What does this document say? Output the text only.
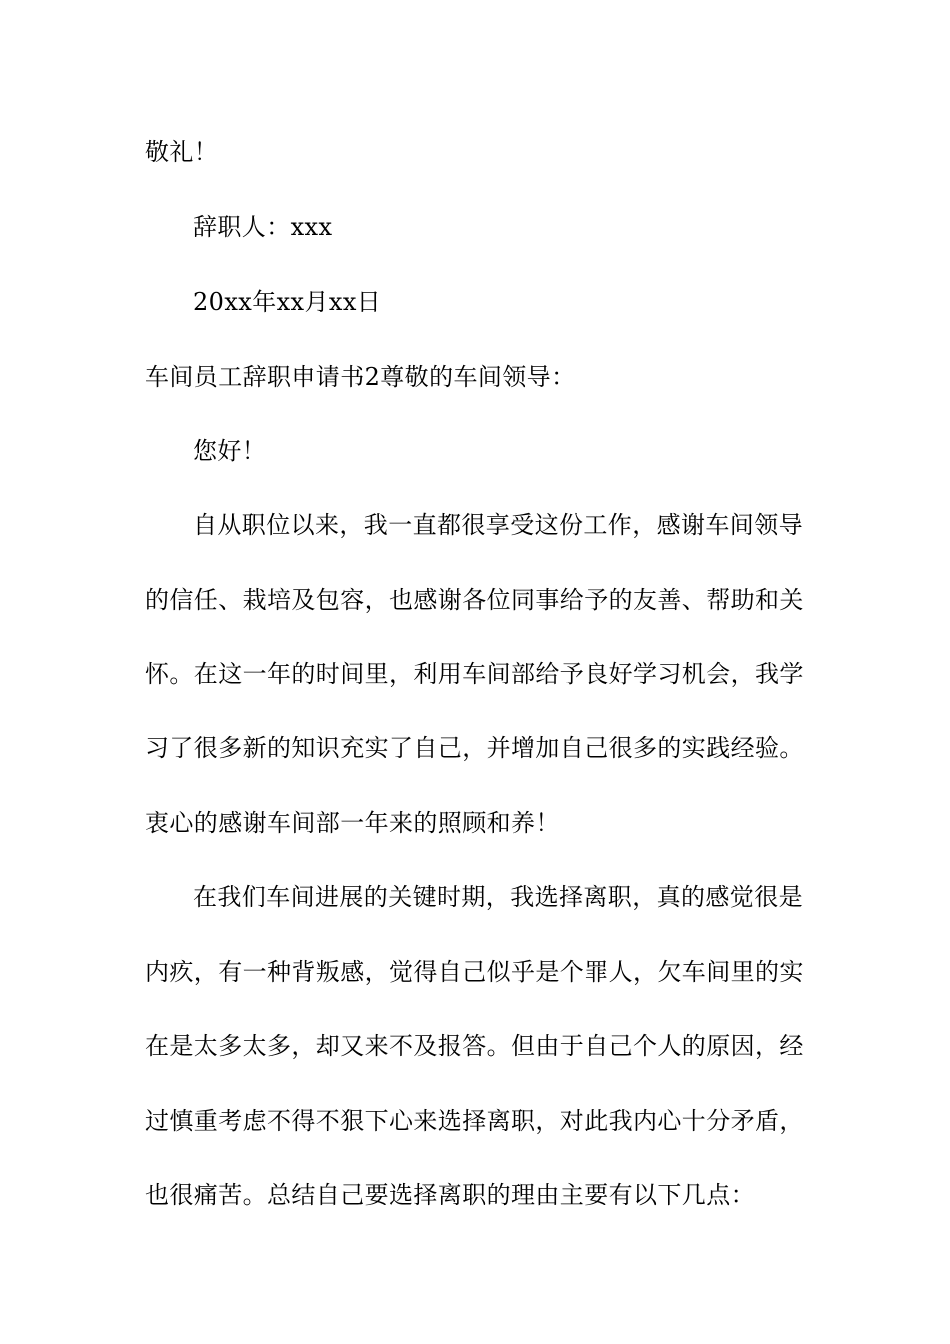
敬礼！
辞职人：xxx
20xx年xx月xx日
车间员工辞职申请书2尊敬的车间领导：
您好！
自从职位以来，我一直都很享受这份工作，感谢车间领导
的信任、栽培及包容，也感谢各位同事给予的友善、帮助和关
怀。在这一年的时间里，利用车间部给予良好学习机会，我学
习了很多新的知识充实了自己，并增加自己很多的实践经验。
衷心的感谢车间部一年来的照顾和养！
在我们车间进展的关键时期，我选择离职，真的感觉很是
内疚，有一种背叛感，觉得自己似乎是个罪人，欠车间里的实
在是太多太多，却又来不及报答。但由于自己个人的原因，经
过慎重考虑不得不狠下心来选择离职，对此我内心十分矛盾，
也很痛苦。总结自己要选择离职的理由主要有以下几点：
